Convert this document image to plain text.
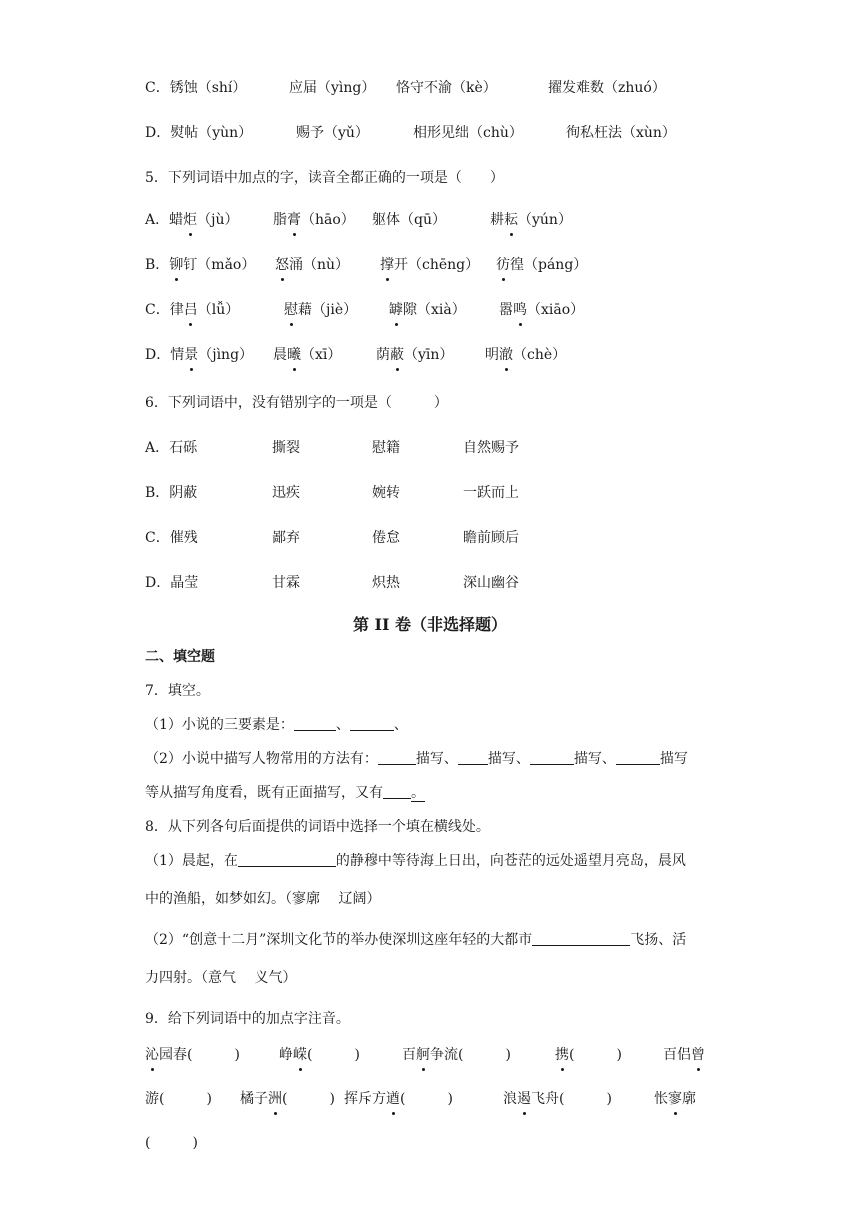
C．锈蚀（shí）	应届（yìng） 恪守不渝（kè）	擢发难数（zhuó）
D．熨帖（yùn）	赐予（yǔ）	相形见绌（chù）	徇私枉法（xùn）
5．下列词语中加点的字，读音全都正确的一项是（　　）
A．蜡炬（jù） 脂膏（hāo） 躯体（qū）	耕耘（yún）
B．铆钉（mǎo） 怒涌（nù） 撑开（chēng） 彷徨（páng）
C．律吕（lǚ）	慰藉（jiè） 罅隙（xià） 嚣鸣（xiāo）
D．情景（jìng） 晨曦（xī） 荫蔽（yīn） 明澈（chè）
6．下列词语中，没有错别字的一项是（　　　）
A．石砾	撕裂	慰籍	自然赐予
B．阴蔽	迅疾	婉转	一跃而上
C．催残	鄙弃	倦怠	瞻前顾后
D．晶莹	甘霖	炽热	深山幽谷
第 II 卷（非选择题）
二、填空题
7．填空。
（1）小说的三要素是：	、	、
（2）小说中描写人物常用的方法有：	描写、 描写、	描写、	描写
等从描写角度看，既有正面描写，又有 。
8．从下列各句后面提供的词语中选择一个填在横线处。
（1）晨起，在	的静穆中等待海上日出，向苍茫的远处遥望月亮岛，晨风
中的渔船，如梦如幻。（寥廓　 辽阔）
（2）“创意十二月”深圳文化节的举办使深圳这座年轻的大都市	飞扬、活
力四射。（意气　 义气）
9．给下列词语中的加点字注音。
沁园春(　　　)	峥嵘(　　　)	百舸争流(　　　)	携(　　　)	百侣曾
游(　　　) 橘子洲(　　　) 挥斥方遒(　　　)	浪遏飞舟(　　　)	怅寥廓
(　　　)
